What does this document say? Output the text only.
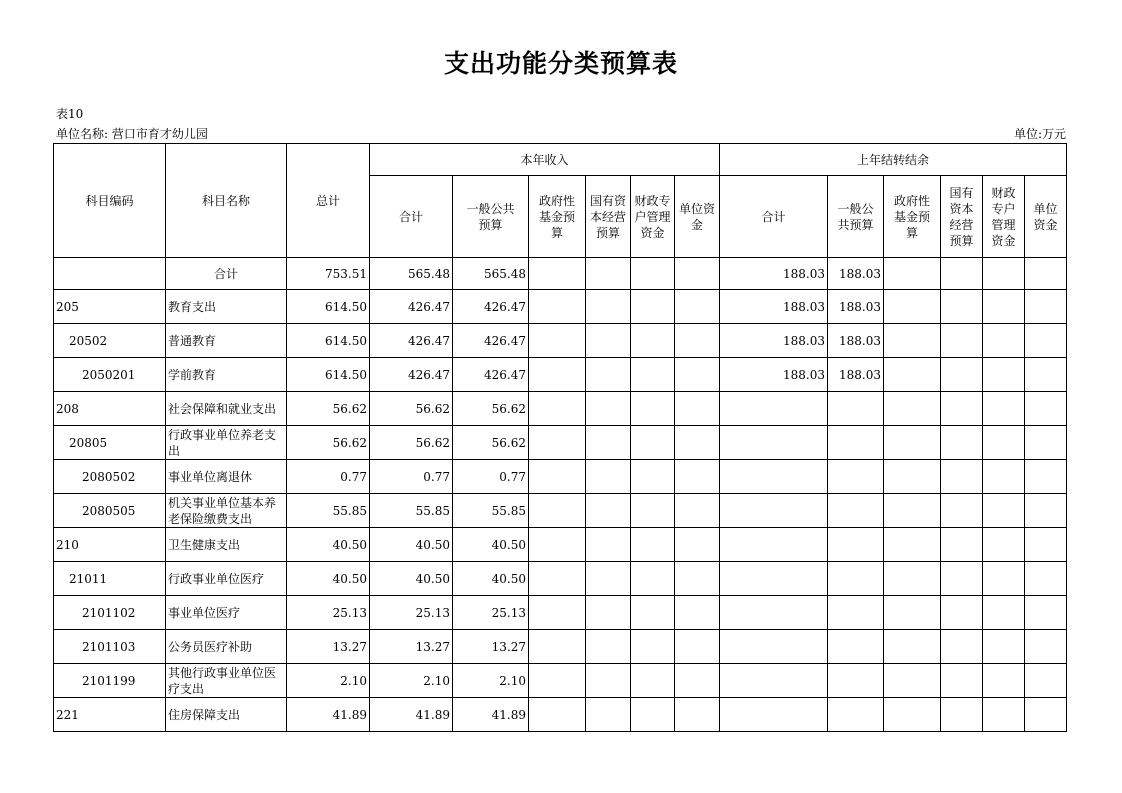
支出功能分类预算表
表10
单位名称: 营口市育才幼儿园	单位:万元
科目编码	科目名称	总计	本年收入						上年结转结余					
			合计	一般公共预算	政府性基金预算	国有资本经营预算	财政专户管理资金	单位资金	合计	一般公共预算	政府性基金预算	国有资本经营预算	财政专户管理资金	单位资金
	合计	753.51	565.48	565.48					188.03	188.03				
205	教育支出	614.50	426.47	426.47					188.03	188.03				
20502	普通教育	614.50	426.47	426.47					188.03	188.03				
2050201	学前教育	614.50	426.47	426.47					188.03	188.03				
208	社会保障和就业支出	56.62	56.62	56.62										
20805	行政事业单位养老支出	56.62	56.62	56.62										
2080502	事业单位离退休	0.77	0.77	0.77										
2080505	机关事业单位基本养老保险缴费支出	55.85	55.85	55.85										
210	卫生健康支出	40.50	40.50	40.50										
21011	行政事业单位医疗	40.50	40.50	40.50										
2101102	事业单位医疗	25.13	25.13	25.13										
2101103	公务员医疗补助	13.27	13.27	13.27										
2101199	其他行政事业单位医疗支出	2.10	2.10	2.10										
221	住房保障支出	41.89	41.89	41.89										
